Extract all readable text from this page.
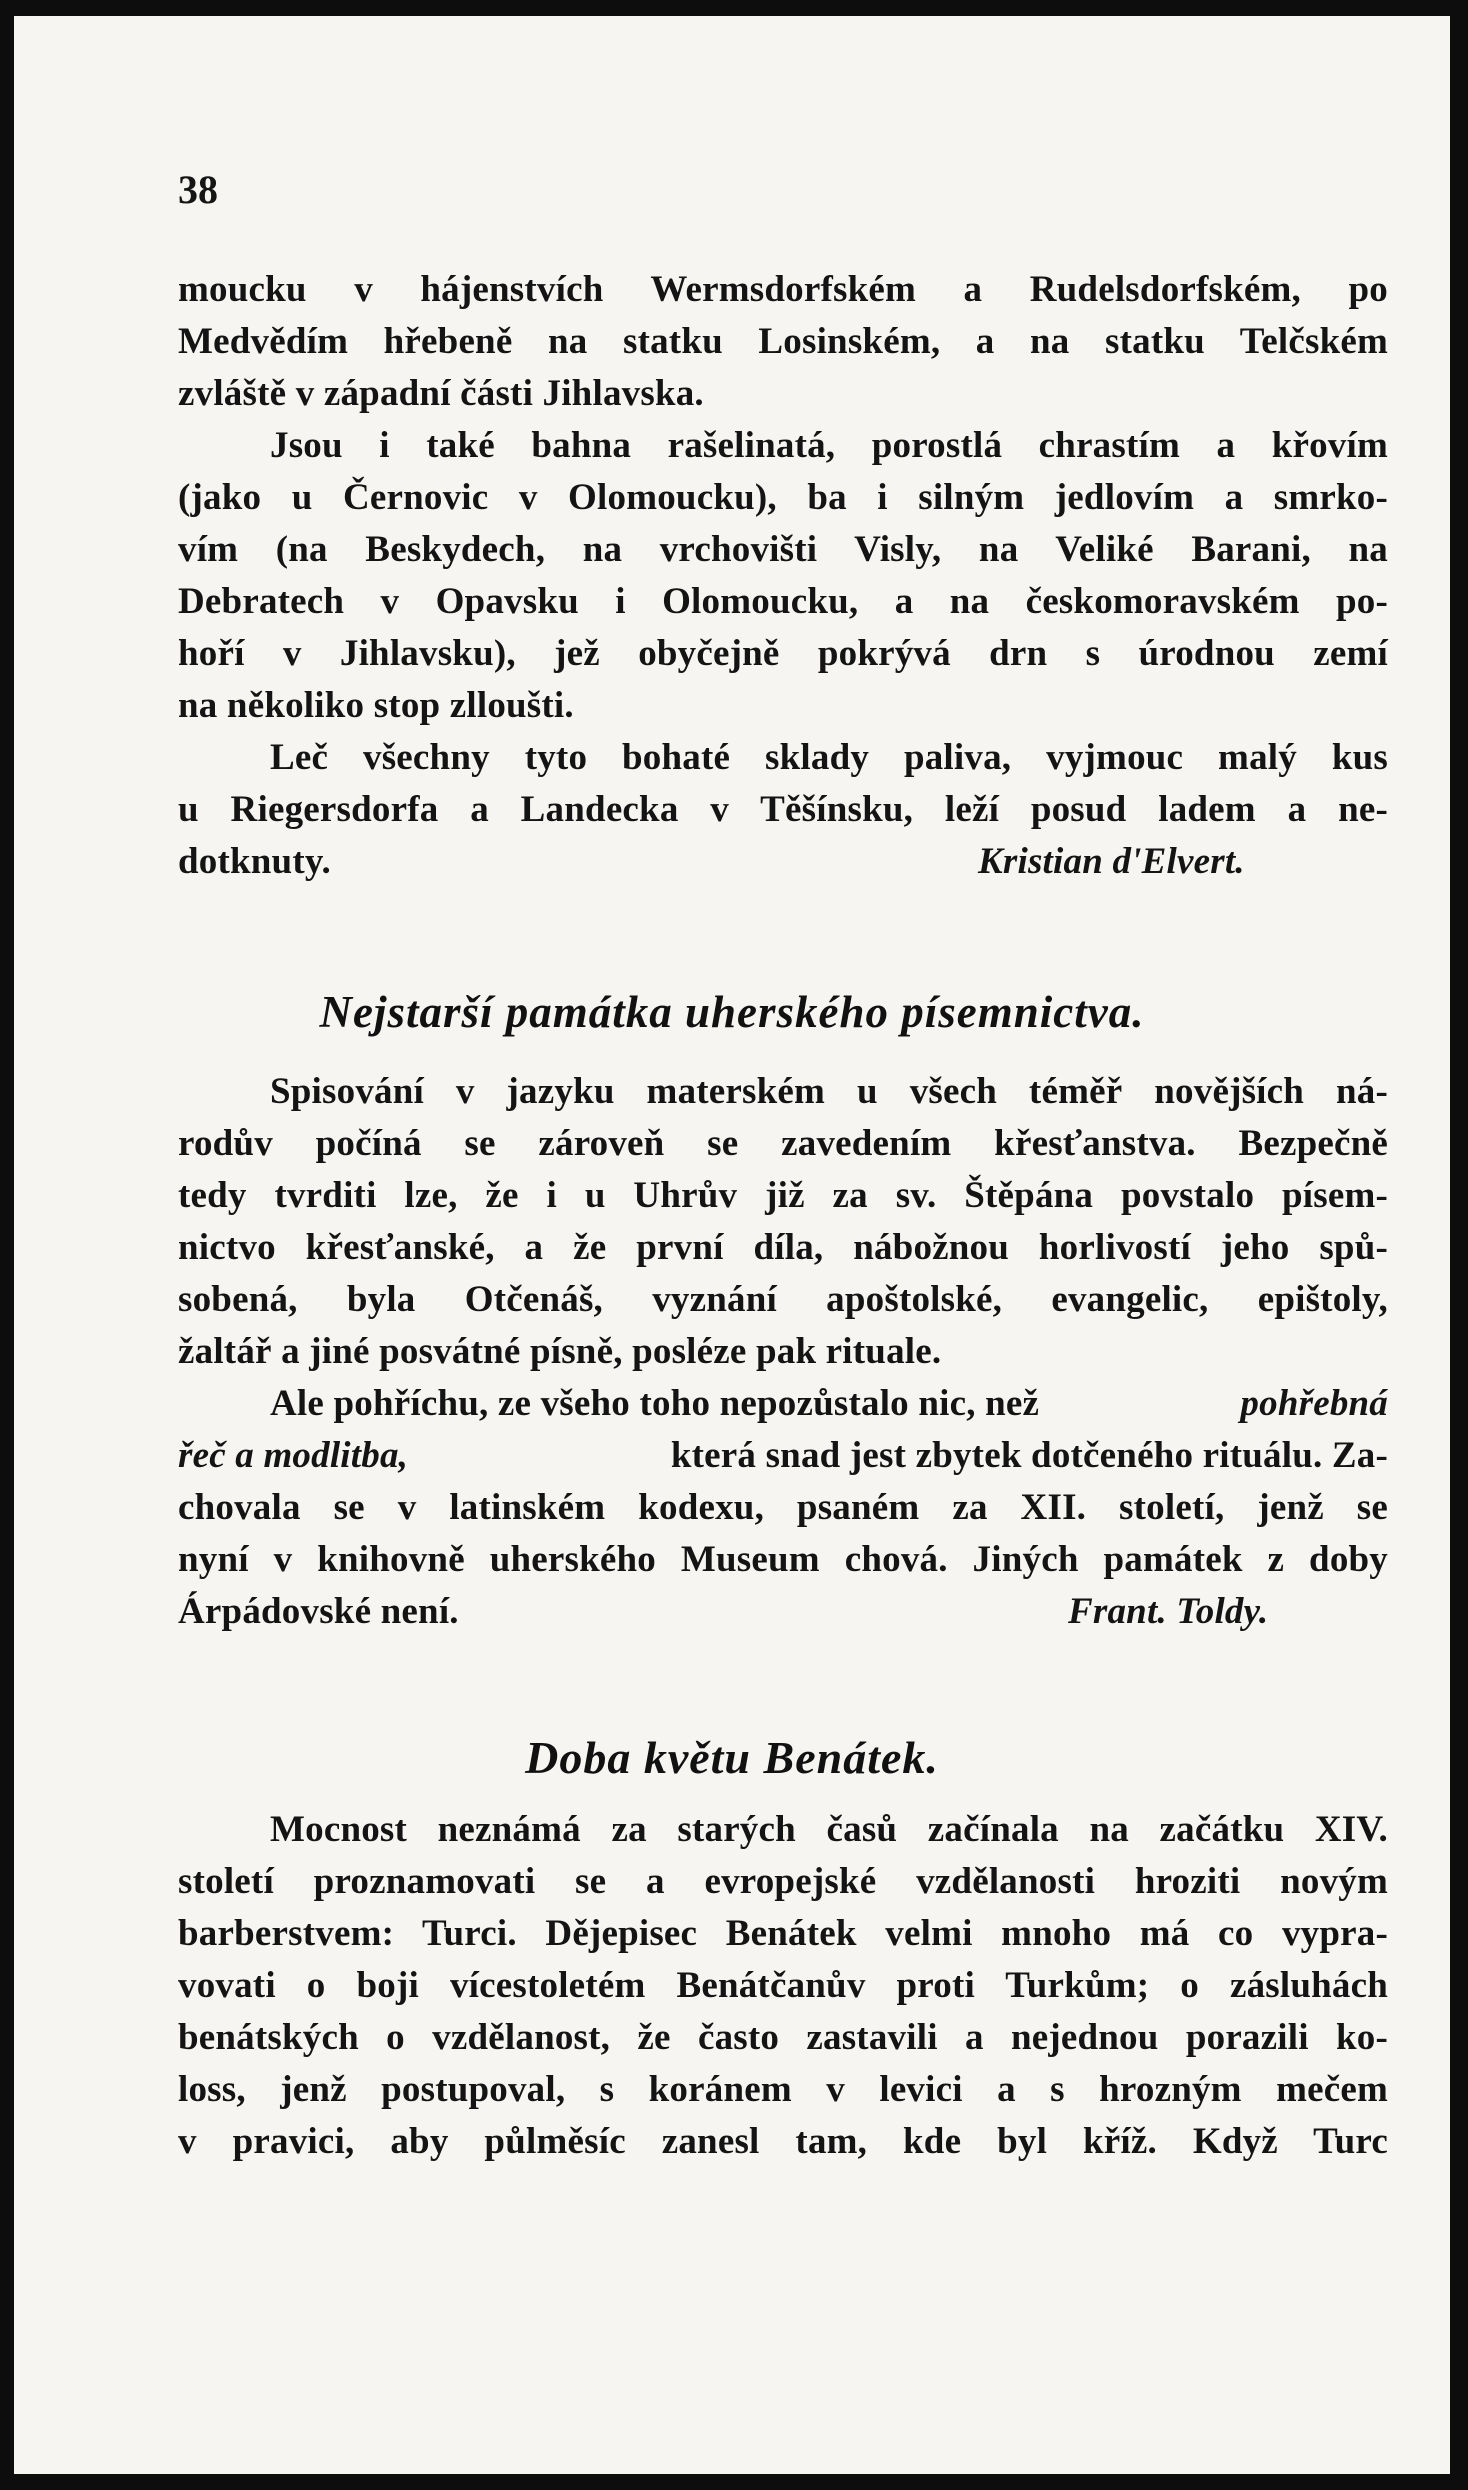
38
moucku v hájenstvích Wermsdorfském a Rudelsdorfském, po
Medvědím hřebeně na statku Losinském, a na statku Telčském
zvláště v západní části Jihlavska.
Jsou i také bahna rašelinatá, porostlá chrastím a křovím
(jako u Černovic v Olomoucku), ba i silným jedlovím a smrko-
vím (na Beskydech, na vrchovišti Visly, na Veliké Barani, na
Debratech v Opavsku i Olomoucku, a na českomoravském po-
hoří v Jihlavsku), jež obyčejně pokrývá drn s úrodnou zemí
na několiko stop zlloušti.
Leč všechny tyto bohaté sklady paliva, vyjmouc malý kus
u Riegersdorfa a Landecka v Těšínsku, leží posud ladem a ne-
dotknuty.	Kristian d'Elvert.
Nejstarší památka uherského písemnictva.
Spisování v jazyku materském u všech téměř novějších ná-
rodův počíná se zároveň se zavedením křesťanstva. Bezpečně
tedy tvrditi lze, že i u Uhrův již za sv. Štěpána povstalo písem-
nictvo křesťanské, a že první díla, nábožnou horlivostí jeho spů-
sobená, byla Otčenáš, vyznání apoštolské, evangelic, epištoly,
žaltář a jiné posvátné písně, posléze pak rituale.
Ale pohříchu, ze všeho toho nepozůstalo nic, než	pohřebná
řeč a modlitba,	která snad jest zbytek dotčeného rituálu. Za-
chovala se v latinském kodexu, psaném za XII. století, jenž se
nyní v knihovně uherského Museum chová. Jiných památek z doby
Árpádovské není.	Frant. Toldy.
Doba květu Benátek.
Mocnost neznámá za starých časů začínala na začátku XIV.
století proznamovati se a evropejské vzdělanosti hroziti novým
barberstvem: Turci. Dějepisec Benátek velmi mnoho má co vypra-
vovati o boji vícestoletém Benátčanův proti Turkům; o zásluhách
benátských o vzdělanost, že často zastavili a nejednou porazili ko-
loss, jenž postupoval, s koránem v levici a s hrozným mečem
v pravici, aby půlměsíc zanesl tam, kde byl kříž. Když Turc
